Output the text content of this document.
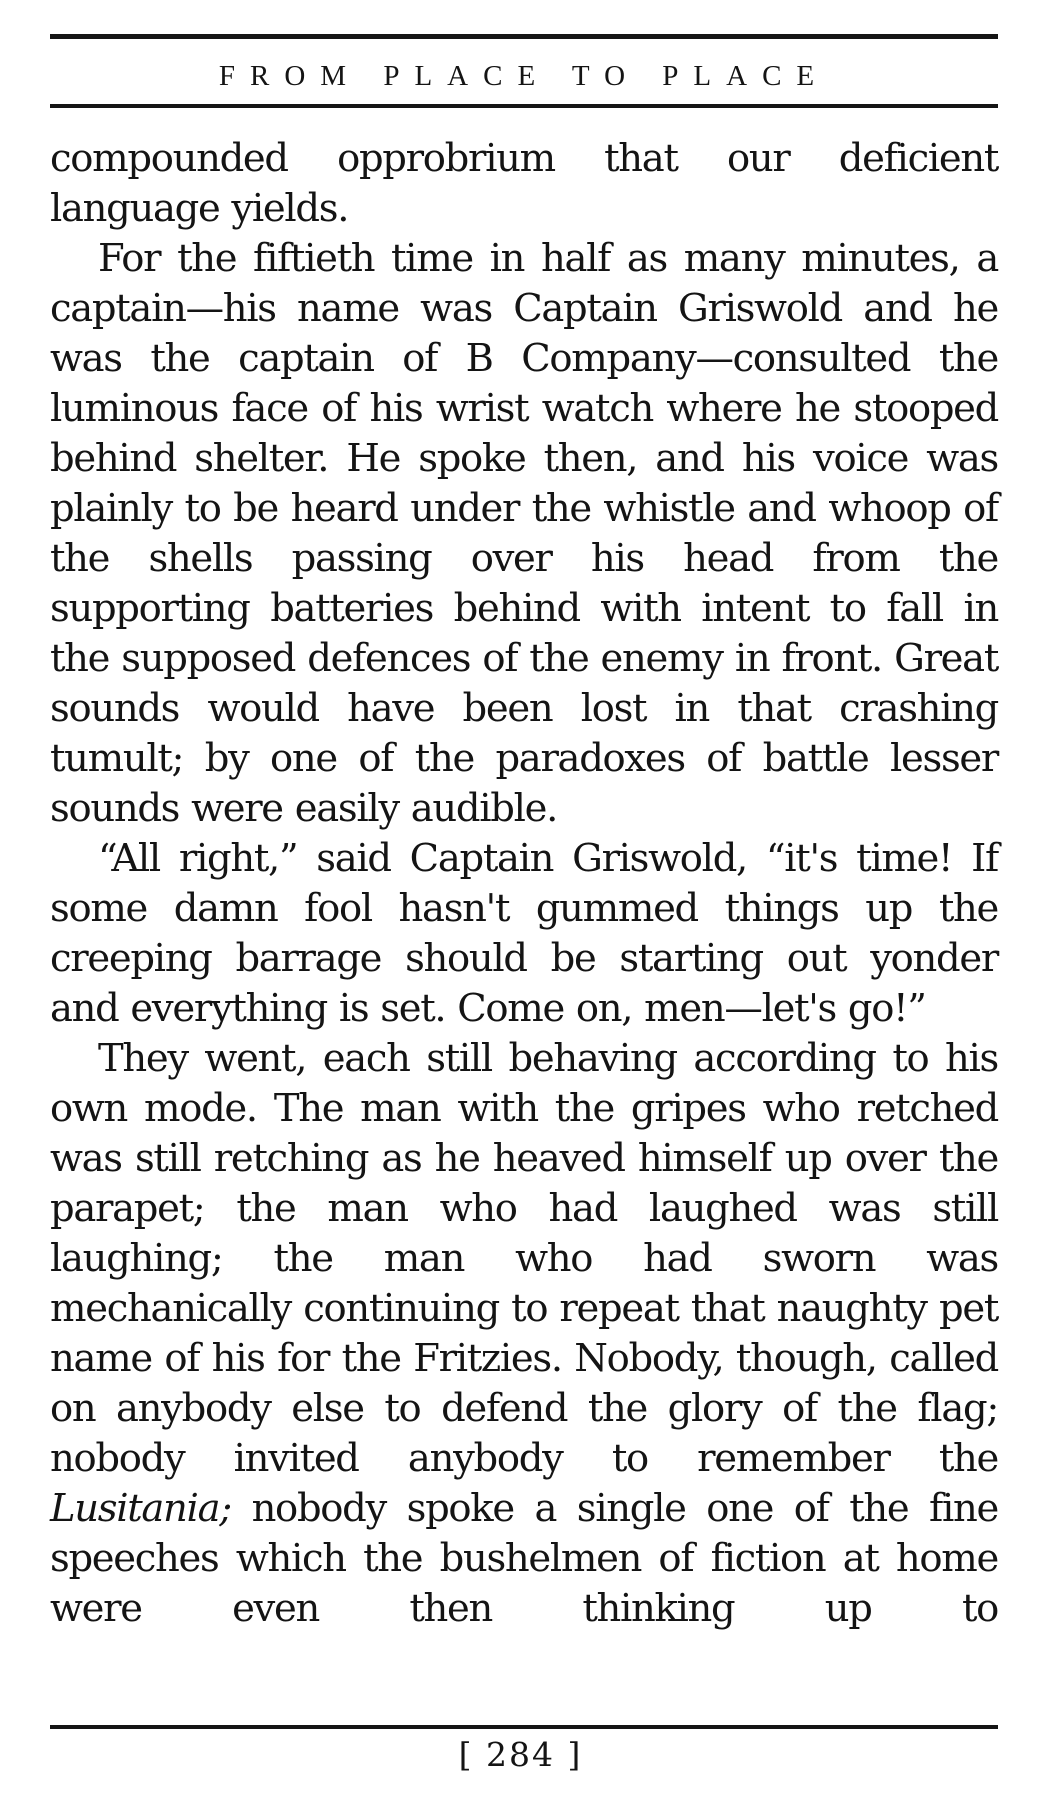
FROM PLACE TO PLACE

compounded opprobrium that our deficient language yields.

For the fiftieth time in half as many minutes, a captain—his name was Captain Griswold and he was the captain of B Company—consulted the luminous face of his wrist watch where he stooped behind shelter. He spoke then, and his voice was plainly to be heard under the whistle and whoop of the shells passing over his head from the supporting batteries behind with intent to fall in the supposed defences of the enemy in front. Great sounds would have been lost in that crashing tumult; by one of the paradoxes of battle lesser sounds were easily audible.

“All right,” said Captain Griswold, “it's time! If some damn fool hasn't gummed things up the creeping barrage should be starting out yonder and everything is set. Come on, men—let's go!”

They went, each still behaving according to his own mode. The man with the gripes who retched was still retching as he heaved himself up over the parapet; the man who had laughed was still laughing; the man who had sworn was mechanically continuing to repeat that naughty pet name of his for the Fritzies. Nobody, though, called on anybody else to defend the glory of the flag; nobody invited anybody to remember the Lusitania; nobody spoke a single one of the fine speeches which the bushelmen of fiction at home were even then thinking up to

[ 284 ]
